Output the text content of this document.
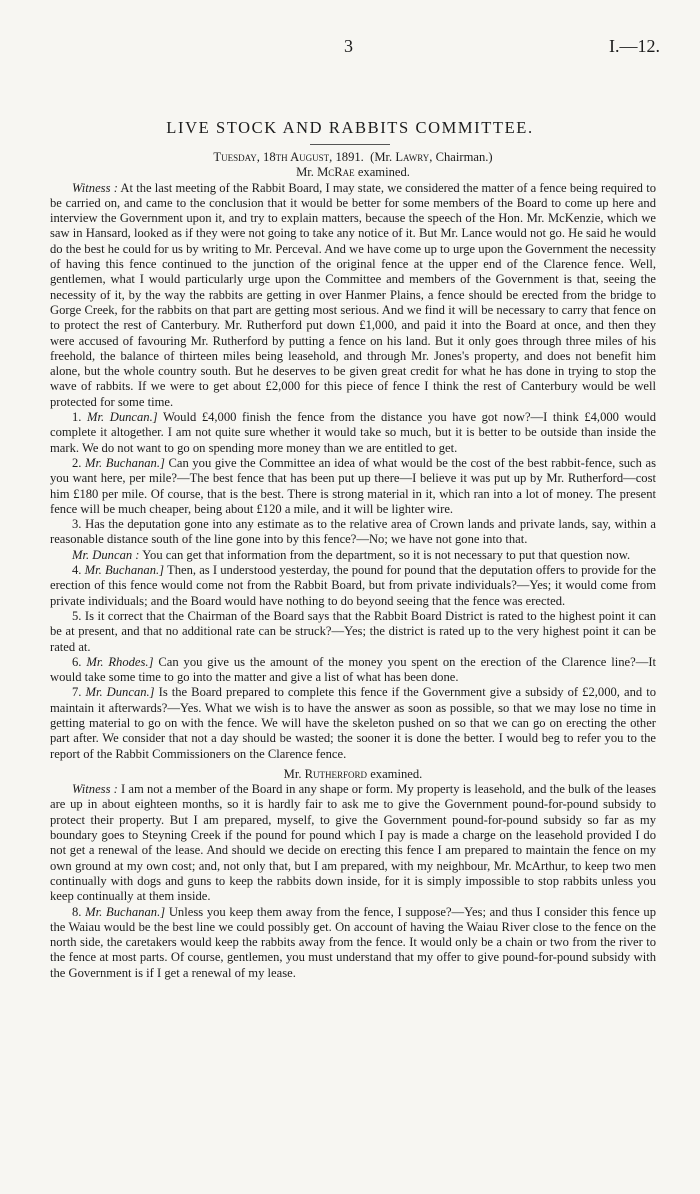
3	I.—12.
LIVE STOCK AND RABBITS COMMITTEE.
Tuesday, 18th August, 1891. (Mr. Lawry, Chairman.)
Mr. McRae examined.

Witness : At the last meeting of the Rabbit Board, I may state, we considered the matter of a fence being required to be carried on, and came to the conclusion that it would be better for some members of the Board to come up here and interview the Government upon it, and try to explain matters, because the speech of the Hon. Mr. McKenzie, which we saw in Hansard, looked as if they were not going to take any notice of it. But Mr. Lance would not go. He said he would do the best he could for us by writing to Mr. Perceval. And we have come up to urge upon the Government the necessity of having this fence continued to the junction of the original fence at the upper end of the Clarence fence. Well, gentlemen, what I would particularly urge upon the Committee and members of the Government is that, seeing the necessity of it, by the way the rabbits are getting in over Hanmer Plains, a fence should be erected from the bridge to Gorge Creek, for the rabbits on that part are getting most serious. And we find it will be necessary to carry that fence on to protect the rest of Canterbury. Mr. Rutherford put down £1,000, and paid it into the Board at once, and then they were accused of favouring Mr. Rutherford by putting a fence on his land. But it only goes through three miles of his freehold, the balance of thirteen miles being leasehold, and through Mr. Jones's property, and does not benefit him alone, but the whole country south. But he deserves to be given great credit for what he has done in trying to stop the wave of rabbits. If we were to get about £2,000 for this piece of fence I think the rest of Canterbury would be well protected for some time.

1. Mr. Duncan.] Would £4,000 finish the fence from the distance you have got now?—I think £4,000 would complete it altogether. I am not quite sure whether it would take so much, but it is better to be outside than inside the mark. We do not want to go on spending more money than we are entitled to get.

2. Mr. Buchanan.] Can you give the Committee an idea of what would be the cost of the best rabbit-fence, such as you want here, per mile?—The best fence that has been put up there—I believe it was put up by Mr. Rutherford—cost him £180 per mile. Of course, that is the best. There is strong material in it, which ran into a lot of money. The present fence will be much cheaper, being about £120 a mile, and it will be lighter wire.

3. Has the deputation gone into any estimate as to the relative area of Crown lands and private lands, say, within a reasonable distance south of the line gone into by this fence?—No; we have not gone into that.

Mr. Duncan : You can get that information from the department, so it is not necessary to put that question now.

4. Mr. Buchanan.] Then, as I understood yesterday, the pound for pound that the deputation offers to provide for the erection of this fence would come not from the Rabbit Board, but from private individuals?—Yes; it would come from private individuals; and the Board would have nothing to do beyond seeing that the fence was erected.

5. Is it correct that the Chairman of the Board says that the Rabbit Board District is rated to the highest point it can be at present, and that no additional rate can be struck?—Yes; the district is rated up to the very highest point it can be rated at.

6. Mr. Rhodes.] Can you give us the amount of the money you spent on the erection of the Clarence line?—It would take some time to go into the matter and give a list of what has been done.

7. Mr. Duncan.] Is the Board prepared to complete this fence if the Government give a subsidy of £2,000, and to maintain it afterwards?—Yes. What we wish is to have the answer as soon as possible, so that we may lose no time in getting material to go on with the fence. We will have the skeleton pushed on so that we can go on erecting the other part after. We consider that not a day should be wasted; the sooner it is done the better. I would beg to refer you to the report of the Rabbit Commissioners on the Clarence fence.

Mr. Rutherford examined.

Witness : I am not a member of the Board in any shape or form. My property is leasehold, and the bulk of the leases are up in about eighteen months, so it is hardly fair to ask me to give the Government pound-for-pound subsidy to protect their property. But I am prepared, myself, to give the Government pound-for-pound subsidy so far as my boundary goes to Steyning Creek if the pound for pound which I pay is made a charge on the leasehold provided I do not get a renewal of the lease. And should we decide on erecting this fence I am prepared to maintain the fence on my own ground at my own cost; and, not only that, but I am prepared, with my neighbour, Mr. McArthur, to keep two men continually with dogs and guns to keep the rabbits down inside, for it is simply impossible to stop rabbits unless you keep continually at them inside.

8. Mr. Buchanan.] Unless you keep them away from the fence, I suppose?—Yes; and thus I consider this fence up the Waiau would be the best line we could possibly get. On account of having the Waiau River close to the fence on the north side, the caretakers would keep the rabbits away from the fence. It would only be a chain or two from the river to the fence at most parts. Of course, gentlemen, you must understand that my offer to give pound-for-pound subsidy with the Government is if I get a renewal of my lease.
